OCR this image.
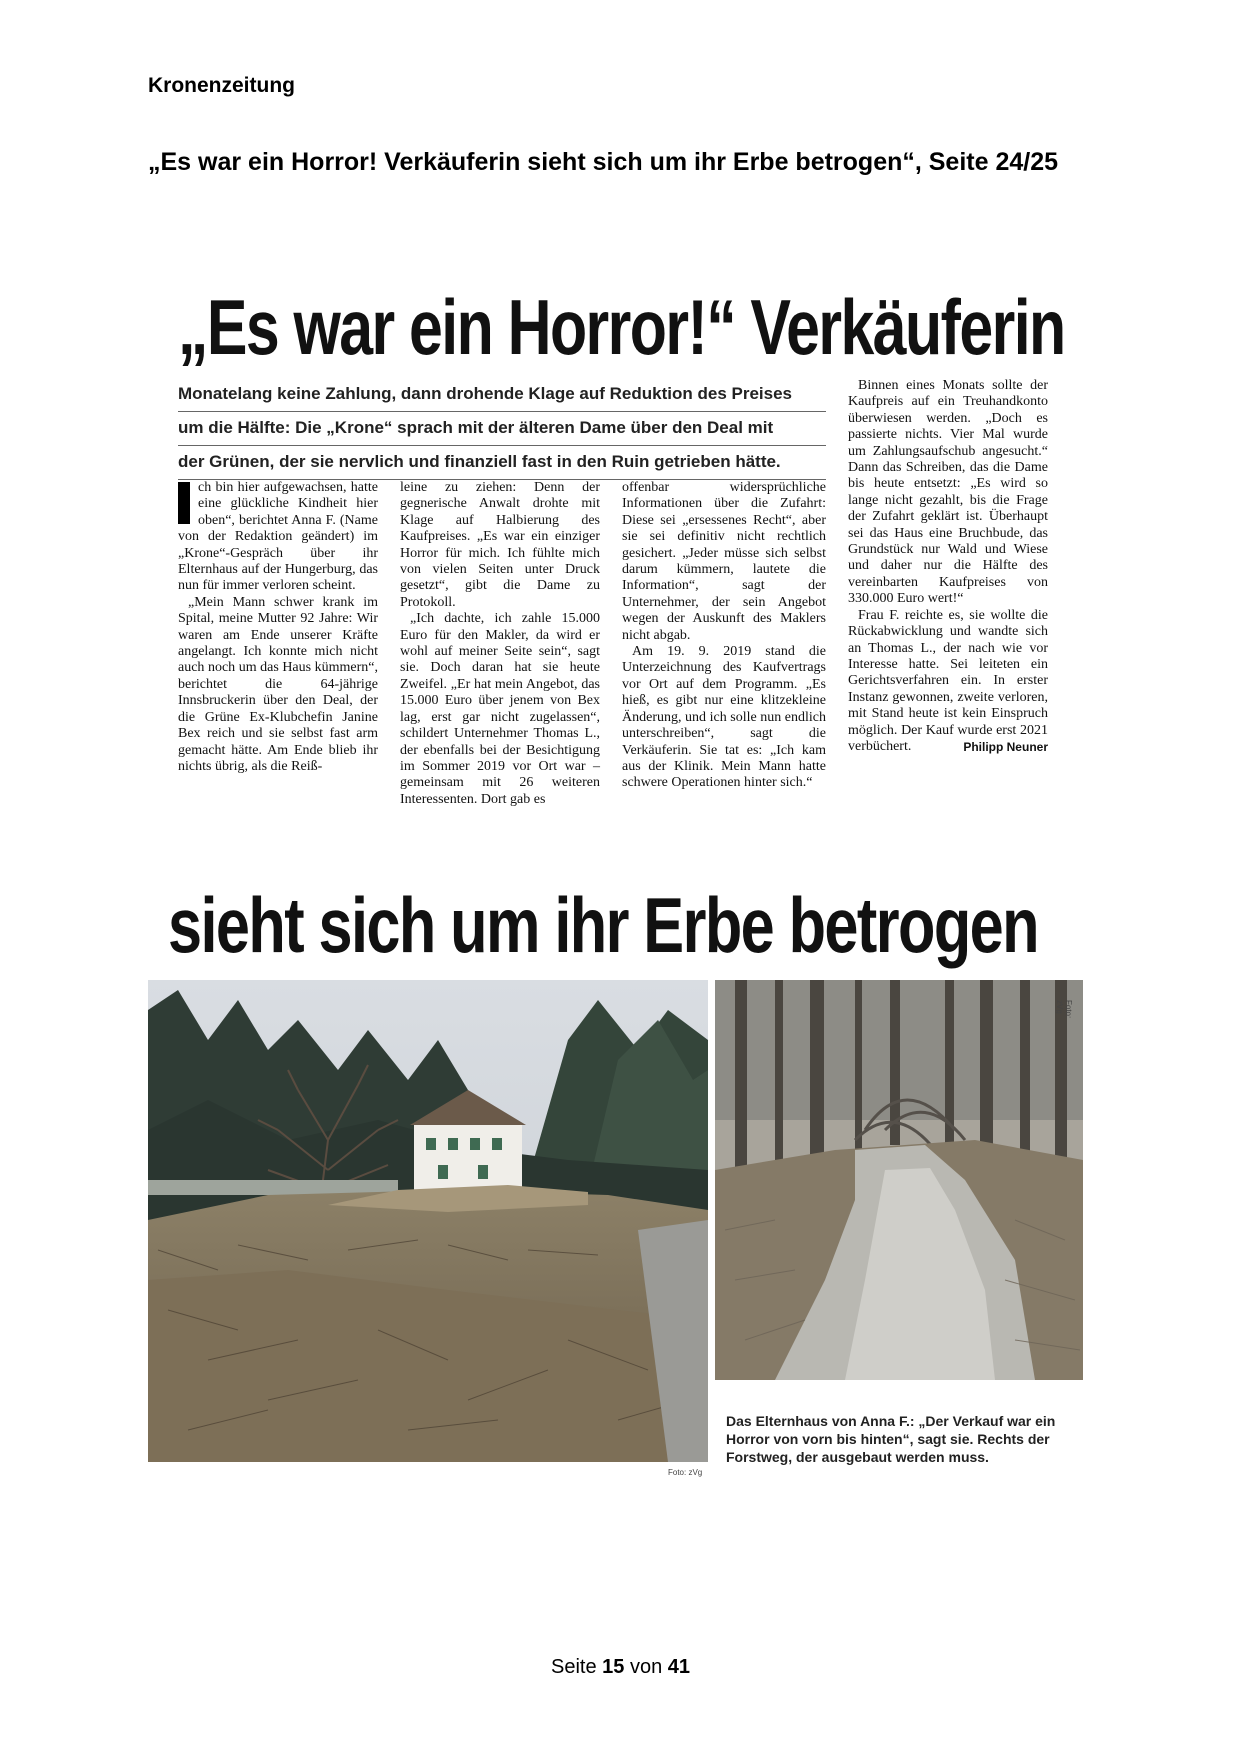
Kronenzeitung
„Es war ein Horror! Verkäuferin sieht sich um ihr Erbe betrogen“, Seite 24/25
„Es war ein Horror!“ Verkäuferin
Monatelang keine Zahlung, dann drohende Klage auf Reduktion des Preises
um die Hälfte: Die „Krone“ sprach mit der älteren Dame über den Deal mit
der Grünen, der sie nervlich und finanziell fast in den Ruin getrieben hätte.

ch bin hier aufgewachsen, hatte eine glückliche Kindheit hier oben“, berichtet Anna F. (Name von der Redaktion geändert) im „Krone“-Gespräch über ihr Elternhaus auf der Hungerburg, das nun für immer verloren scheint.

„Mein Mann schwer krank im Spital, meine Mutter 92 Jahre: Wir waren am Ende unserer Kräfte angelangt. Ich konnte mich nicht auch noch um das Haus kümmern“, berichtet die 64-jährige Innsbruckerin über den Deal, der die Grüne Ex-Klubchefin Janine Bex reich und sie selbst fast arm gemacht hätte. Am Ende blieb ihr nichts übrig, als die Reiß-

leine zu ziehen: Denn der gegnerische Anwalt drohte mit Klage auf Halbierung des Kaufpreises. „Es war ein einziger Horror für mich. Ich fühlte mich von vielen Seiten unter Druck gesetzt“, gibt die Dame zu Protokoll.

„Ich dachte, ich zahle 15.000 Euro für den Makler, da wird er wohl auf meiner Seite sein“, sagt sie. Doch daran hat sie heute Zweifel. „Er hat mein Angebot, das 15.000 Euro über jenem von Bex lag, erst gar nicht zugelassen“, schildert Unternehmer Thomas L., der ebenfalls bei der Besichtigung im Sommer 2019 vor Ort war – gemeinsam mit 26 weiteren Interessenten. Dort gab es

offenbar widersprüchliche Informationen über die Zufahrt: Diese sei „ersessenes Recht“, aber sie sei definitiv nicht rechtlich gesichert. „Jeder müsse sich selbst darum kümmern, lautete die Information“, sagt der Unternehmer, der sein Angebot wegen der Auskunft des Maklers nicht abgab.

Am 19. 9. 2019 stand die Unterzeichnung des Kaufvertrags vor Ort auf dem Programm. „Es hieß, es gibt nur eine klitzekleine Änderung, und ich solle nun endlich unterschreiben“, sagt die Verkäuferin. Sie tat es: „Ich kam aus der Klinik. Mein Mann hatte schwere Operationen hinter sich.“

Binnen eines Monats sollte der Kaufpreis auf ein Treuhandkonto überwiesen werden. „Doch es passierte nichts. Vier Mal wurde um Zahlungsaufschub angesucht.“ Dann das Schreiben, das die Dame bis heute entsetzt: „Es wird so lange nicht gezahlt, bis die Frage der Zufahrt geklärt ist. Überhaupt sei das Haus eine Bruchbude, das Grundstück nur Wald und Wiese und daher nur die Hälfte des vereinbarten Kaufpreises von 330.000 Euro wert!“

Frau F. reichte es, sie wollte die Rückabwicklung und wandte sich an Thomas L., der nach wie vor Interesse hatte. Sei leiteten ein Gerichtsverfahren ein. In erster Instanz gewonnen, zweite verloren, mit Stand heute ist kein Einspruch möglich. Der Kauf wurde erst 2021 verbüchert.	Philipp Neuner

sieht sich um ihr Erbe betrogen
Foto: zVg
Foto: zVg
Das Elternhaus von Anna F.: „Der Verkauf war ein Horror von vorn bis hinten“, sagt sie. Rechts der Forstweg, der ausgebaut werden muss.
Seite 15 von 41
